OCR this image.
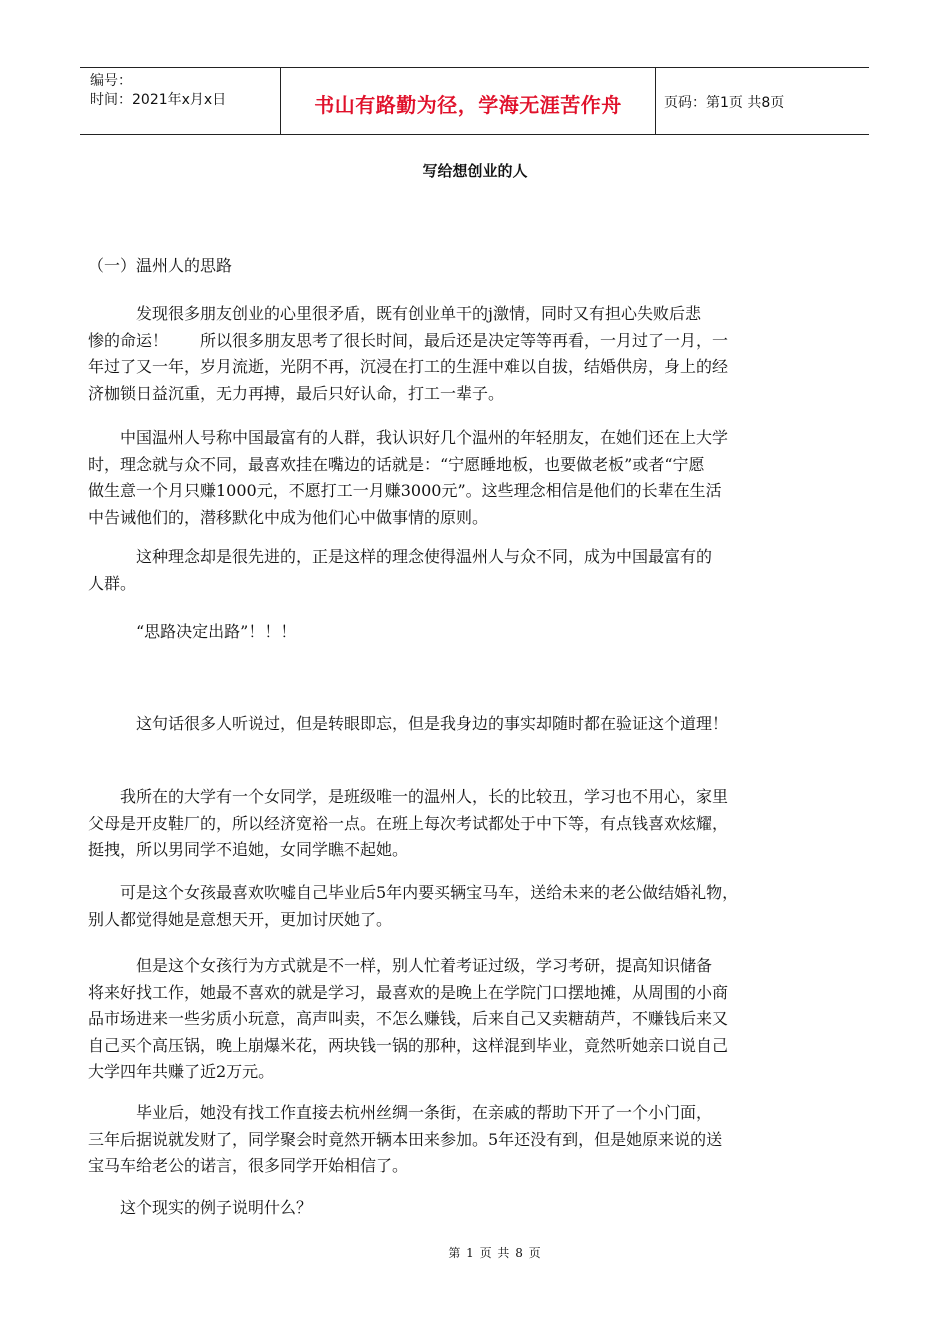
编号：
时间：2021年x月x日	书山有路勤为径，学海无涯苦作舟	页码：第1页 共8页
写给想创业的人
（一）温州人的思路
　　　发现很多朋友创业的心里很矛盾，既有创业单干的j激情，同时又有担心失败后悲
惨的命运！　　所以很多朋友思考了很长时间，最后还是决定等等再看，一月过了一月，一
年过了又一年，岁月流逝，光阴不再，沉浸在打工的生涯中难以自拔，结婚供房，身上的经
济枷锁日益沉重，无力再搏，最后只好认命，打工一辈子。
　　中国温州人号称中国最富有的人群，我认识好几个温州的年轻朋友，在她们还在上大学
时，理念就与众不同，最喜欢挂在嘴边的话就是：“宁愿睡地板，也要做老板”或者“宁愿
做生意一个月只赚1000元，不愿打工一月赚3000元”。这些理念相信是他们的长辈在生活
中告诫他们的，潜移默化中成为他们心中做事情的原则。
　　　这种理念却是很先进的，正是这样的理念使得温州人与众不同，成为中国最富有的
人群。
　　　“思路决定出路”！！！
　　　这句话很多人听说过，但是转眼即忘，但是我身边的事实却随时都在验证这个道理！
　　我所在的大学有一个女同学，是班级唯一的温州人，长的比较丑，学习也不用心，家里
父母是开皮鞋厂的，所以经济宽裕一点。在班上每次考试都处于中下等，有点钱喜欢炫耀，
挺拽，所以男同学不追她，女同学瞧不起她。
　　可是这个女孩最喜欢吹嘘自己毕业后5年内要买辆宝马车，送给未来的老公做结婚礼物，
别人都觉得她是意想天开，更加讨厌她了。
　　　但是这个女孩行为方式就是不一样，别人忙着考证过级，学习考研，提高知识储备
将来好找工作，她最不喜欢的就是学习，最喜欢的是晚上在学院门口摆地摊，从周围的小商
品市场进来一些劣质小玩意，高声叫卖，不怎么赚钱，后来自己又卖糖葫芦，不赚钱后来又
自己买个高压锅，晚上崩爆米花，两块钱一锅的那种，这样混到毕业，竟然听她亲口说自己
大学四年共赚了近2万元。
　　　毕业后，她没有找工作直接去杭州丝绸一条街，在亲戚的帮助下开了一个小门面，
三年后据说就发财了，同学聚会时竟然开辆本田来参加。5年还没有到，但是她原来说的送
宝马车给老公的诺言，很多同学开始相信了。
　　这个现实的例子说明什么？
第 1 页 共 8 页
